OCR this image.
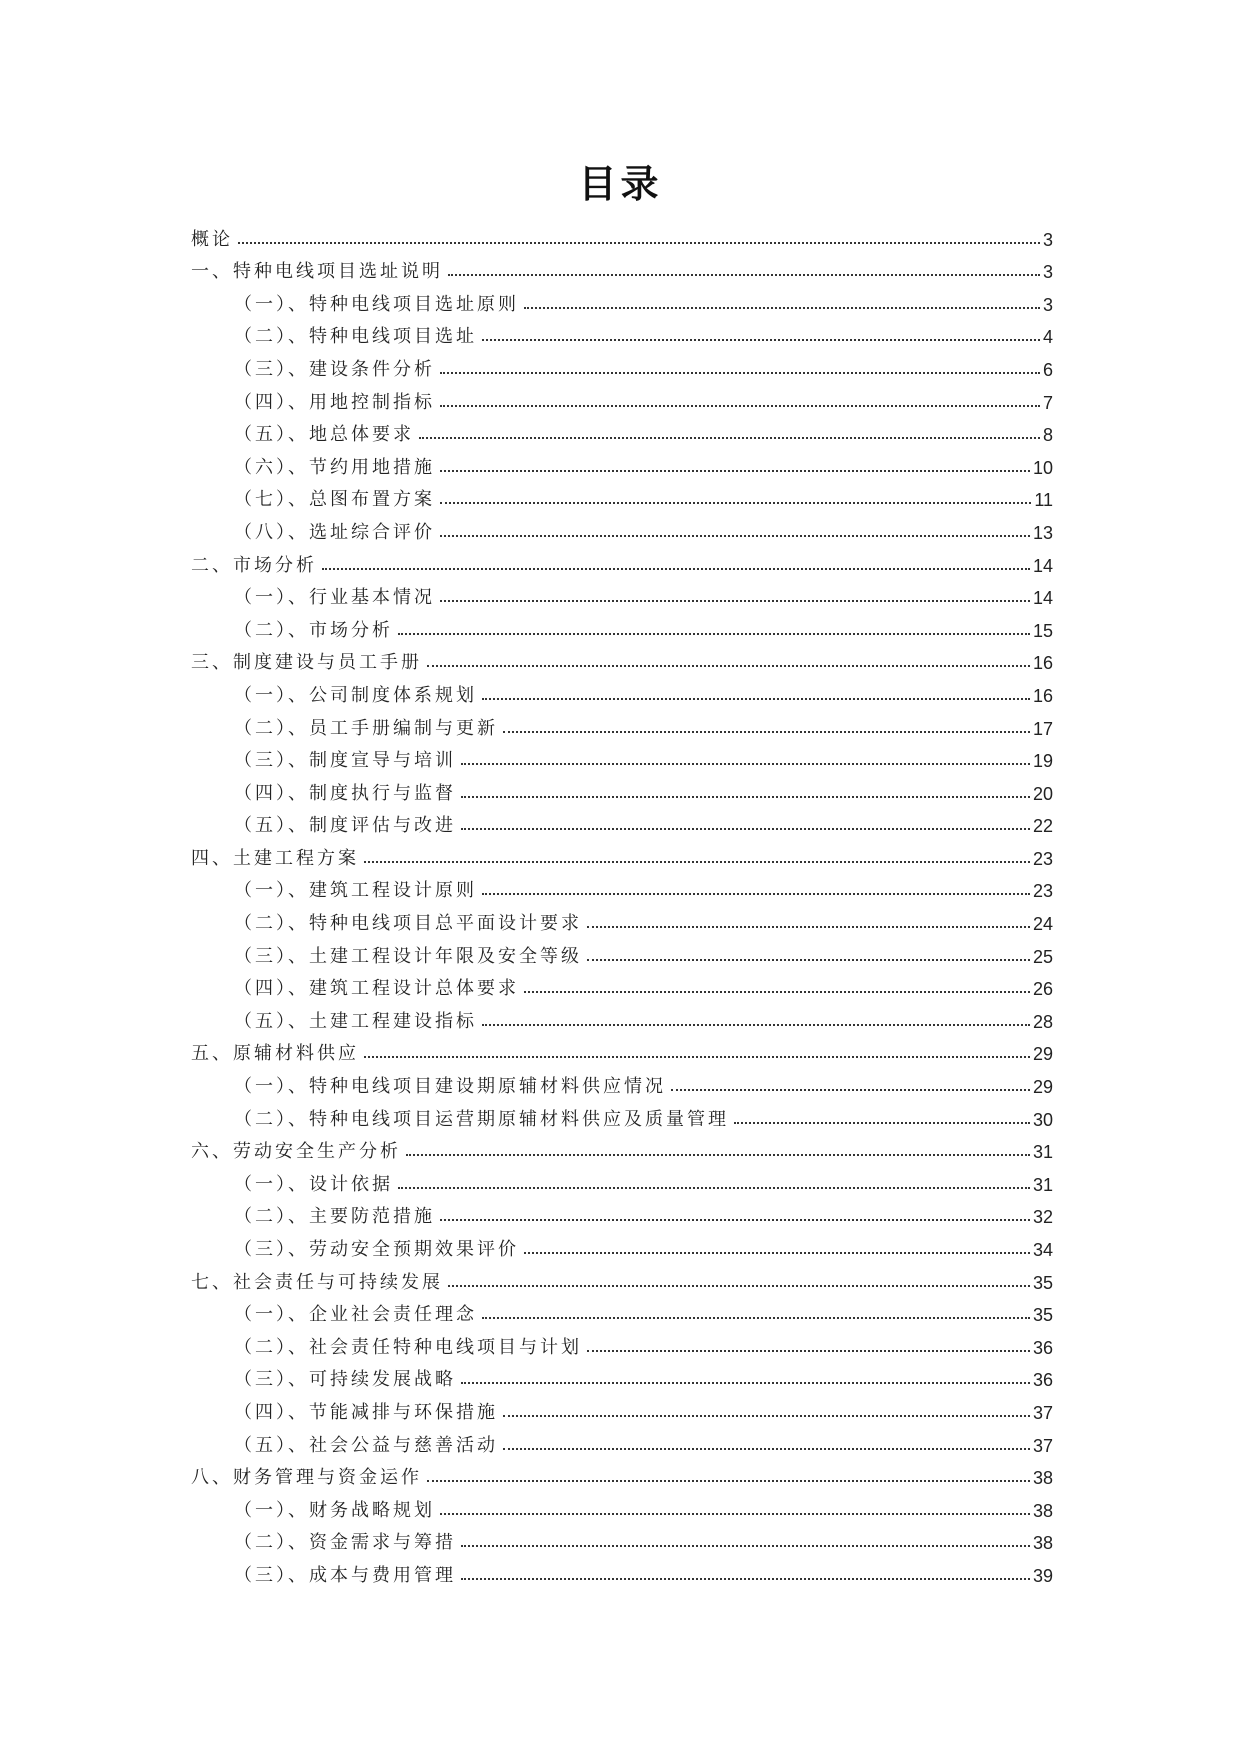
目录
概论	3
一、特种电线项目选址说明	3
（一）、特种电线项目选址原则	3
（二）、特种电线项目选址	4
（三）、建设条件分析	6
（四）、用地控制指标	7
（五）、地总体要求	8
（六）、节约用地措施	10
（七）、总图布置方案	11
（八）、选址综合评价	13
二、市场分析	14
（一）、行业基本情况	14
（二）、市场分析	15
三、制度建设与员工手册	16
（一）、公司制度体系规划	16
（二）、员工手册编制与更新	17
（三）、制度宣导与培训	19
（四）、制度执行与监督	20
（五）、制度评估与改进	22
四、土建工程方案	23
（一）、建筑工程设计原则	23
（二）、特种电线项目总平面设计要求	24
（三）、土建工程设计年限及安全等级	25
（四）、建筑工程设计总体要求	26
（五）、土建工程建设指标	28
五、原辅材料供应	29
（一）、特种电线项目建设期原辅材料供应情况	29
（二）、特种电线项目运营期原辅材料供应及质量管理	30
六、劳动安全生产分析	31
（一）、设计依据	31
（二）、主要防范措施	32
（三）、劳动安全预期效果评价	34
七、社会责任与可持续发展	35
（一）、企业社会责任理念	35
（二）、社会责任特种电线项目与计划	36
（三）、可持续发展战略	36
（四）、节能减排与环保措施	37
（五）、社会公益与慈善活动	37
八、财务管理与资金运作	38
（一）、财务战略规划	38
（二）、资金需求与筹措	38
（三）、成本与费用管理	39
